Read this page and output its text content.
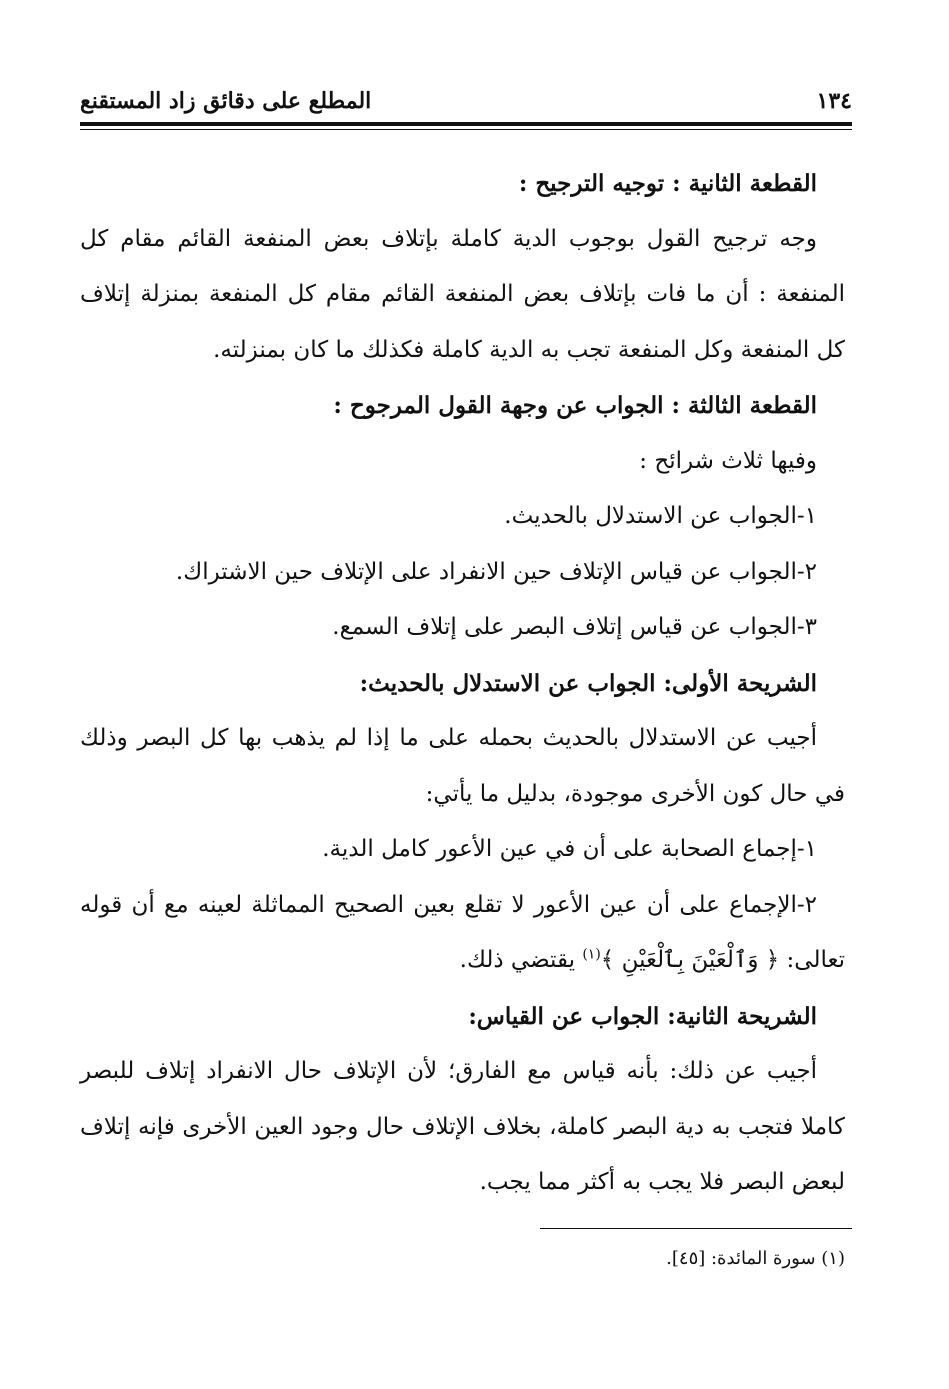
١٣٤
المطلع على دقائق زاد المستقنع

القطعة الثانية : توجيه الترجيح :

وجه ترجيح القول بوجوب الدية كاملة بإتلاف بعض المنفعة القائم مقام كل المنفعة : أن ما فات بإتلاف بعض المنفعة القائم مقام كل المنفعة بمنزلة إتلاف كل المنفعة وكل المنفعة تجب به الدية كاملة فكذلك ما كان بمنزلته.

القطعة الثالثة : الجواب عن وجهة القول المرجوح :

وفيها ثلاث شرائح :

١-الجواب عن الاستدلال بالحديث.

٢-الجواب عن قياس الإتلاف حين الانفراد على الإتلاف حين الاشتراك.

٣-الجواب عن قياس إتلاف البصر على إتلاف السمع.

الشريحة الأولى: الجواب عن الاستدلال بالحديث:

أجيب عن الاستدلال بالحديث بحمله على ما إذا لم يذهب بها كل البصر وذلك في حال كون الأخرى موجودة، بدليل ما يأتي:

١-إجماع الصحابة على أن في عين الأعور كامل الدية.

٢-الإجماع على أن عين الأعور لا تقلع بعين الصحيح المماثلة لعينه مع أن قوله تعالى: ﴿ وَٱلْعَيْنَ بِٱلْعَيْنِ ﴾$^{(١)}$ يقتضي ذلك.

الشريحة الثانية: الجواب عن القياس:

أجيب عن ذلك: بأنه قياس مع الفارق؛ لأن الإتلاف حال الانفراد إتلاف للبصر كاملا فتجب به دية البصر كاملة، بخلاف الإتلاف حال وجود العين الأخرى فإنه إتلاف لبعض البصر فلا يجب به أكثر مما يجب.

(١) سورة المائدة: [٤٥].
